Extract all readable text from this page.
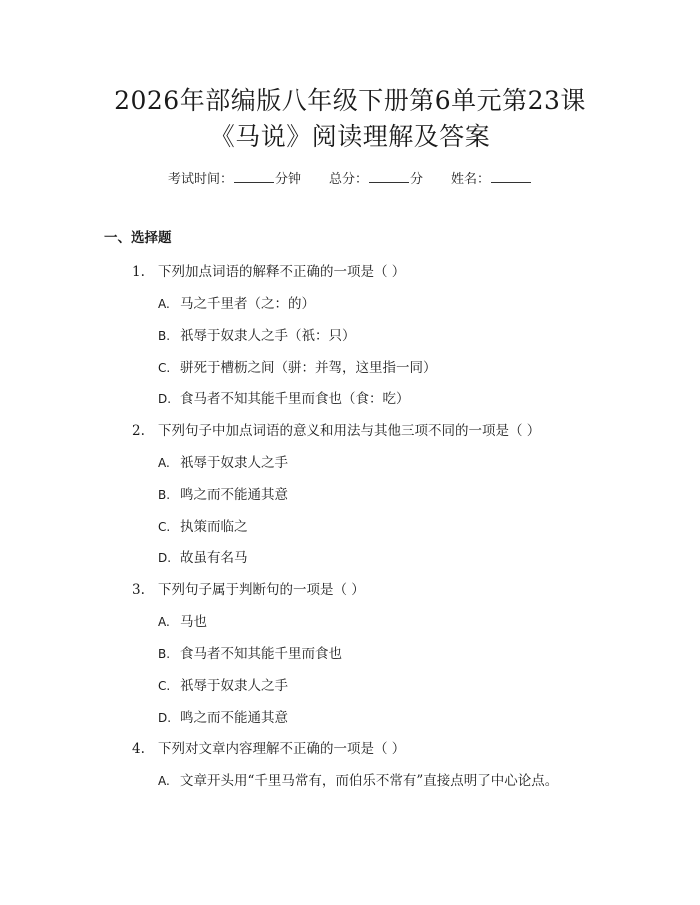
2026年部编版八年级下册第6单元第23课
《马说》阅读理解及答案
考试时间：	分钟 总分：	分 姓名：
一、选择题
1. 下列加点词语的解释不正确的一项是（ ）
A. 马之千里者（之：的）
B. 祇辱于奴隶人之手（祇：只）
C. 骈死于槽枥之间（骈：并驾，这里指一同）
D. 食马者不知其能千里而食也（食：吃）
2. 下列句子中加点词语的意义和用法与其他三项不同的一项是（ ）
A. 祇辱于奴隶人之手
B. 鸣之而不能通其意
C. 执策而临之
D. 故虽有名马
3. 下列句子属于判断句的一项是（ ）
A. 马也
B. 食马者不知其能千里而食也
C. 祇辱于奴隶人之手
D. 鸣之而不能通其意
4. 下列对文章内容理解不正确的一项是（ ）
A. 文章开头用“千里马常有，而伯乐不常有”直接点明了中心论点。
